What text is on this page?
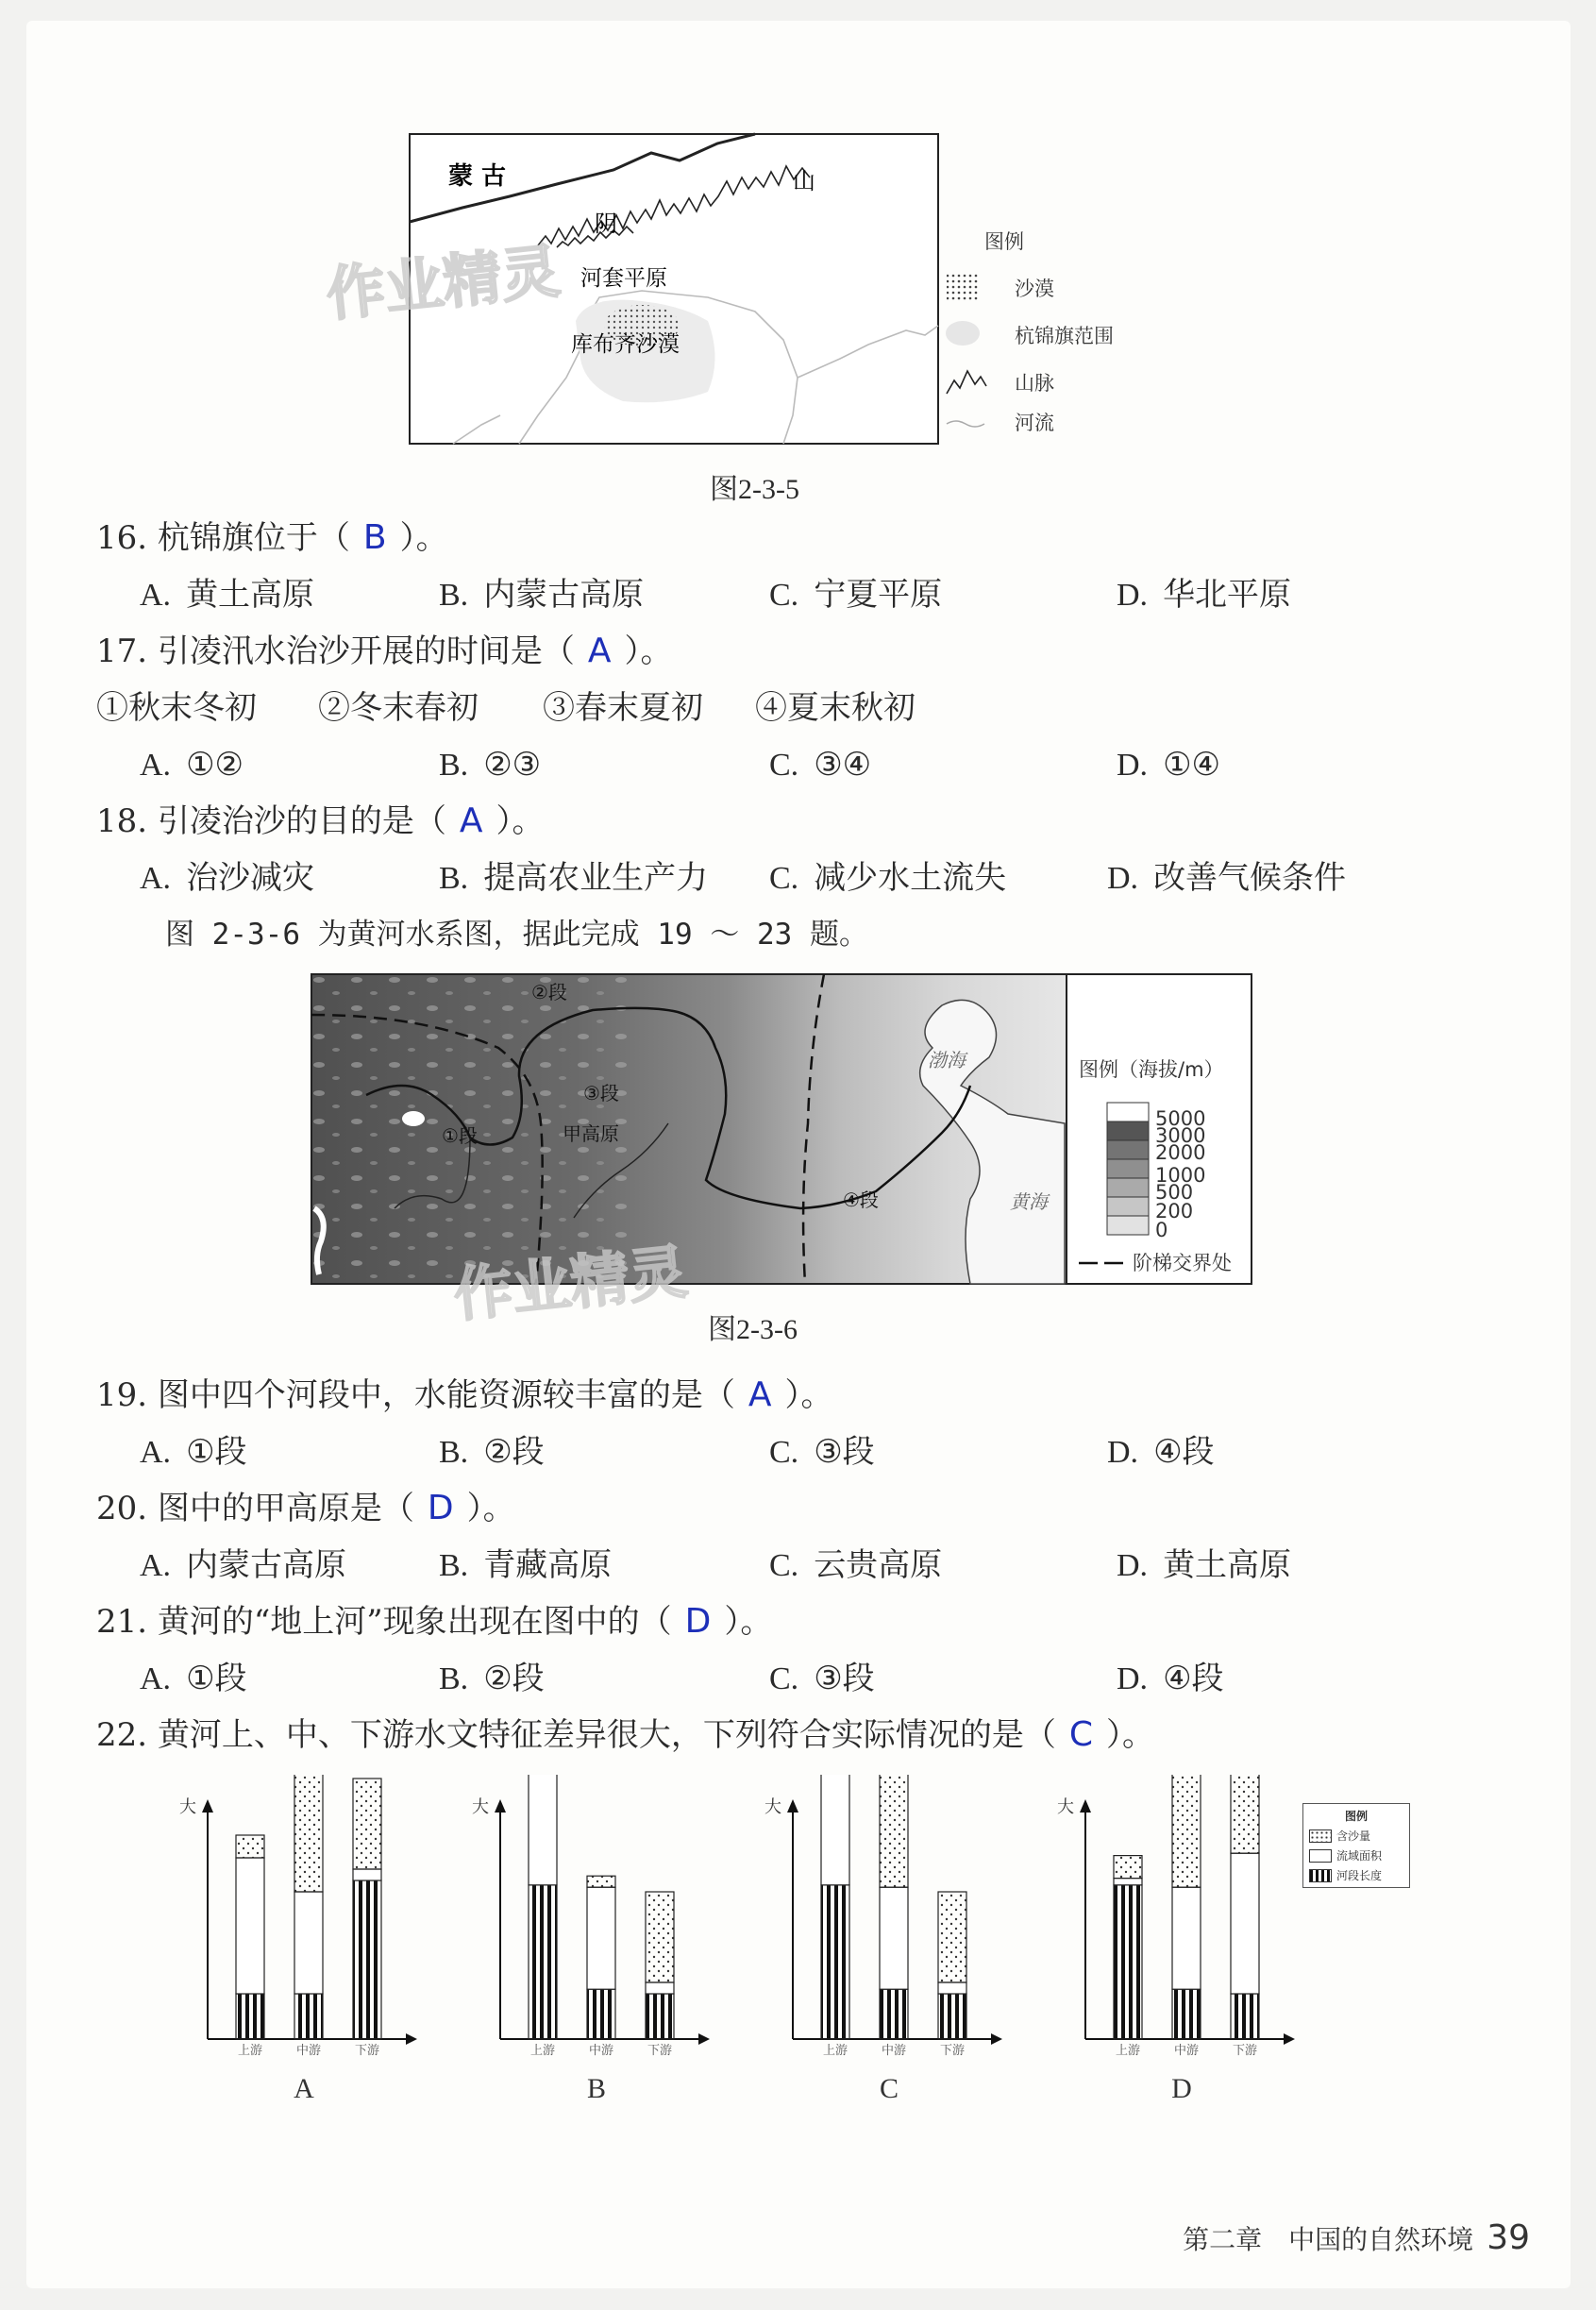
蒙 古
阴
山
河套平原
库布齐沙漠
作业精灵	图例
沙漠
杭锦旗范围
山脉
河流
图2-3-5
16. 杭锦旗位于（ B ）。
A. 黄土高原	B. 内蒙古高原	C. 宁夏平原	D. 华北平原
17. 引凌汛水治沙开展的时间是（ A ）。
①秋末冬初 ②冬末春初 ③春末夏初 ④夏末秋初
A. ①②	B. ②③	C. ③④	D. ①④
18. 引凌治沙的目的是（ A ）。
A. 治沙减灾	B. 提高农业生产力 C. 减少水土流失	D. 改善气候条件
图 2-3-6 为黄河水系图，据此完成 19 ～ 23 题。
②段
③段
①段	甲高原
④段
渤海
黄海
图例（海拔/m）
5000
3000
2000
1000
500
200
0
阶梯交界处
作业精灵 图2-3-6
19. 图中四个河段中，水能资源较丰富的是（ A ）。
A. ①段	B. ②段	C. ③段	D. ④段
20. 图中的甲高原是（ D ）。
A. 内蒙古高原	B. 青藏高原	C. 云贵高原	D. 黄土高原
21. 黄河的“地上河”现象出现在图中的（ D ）。
A. ①段	B. ②段	C. ③段	D. ④段
22. 黄河上、中、下游水文特征差异很大，下列符合实际情况的是（ C ）。
大
上游	中游	下游
A
大
上游	中游	下游
B
大
上游	中游	下游
C
大
上游	中游	下游
D
图例
含沙量
流域面积
河段长度
第二章　中国的自然环境 39
